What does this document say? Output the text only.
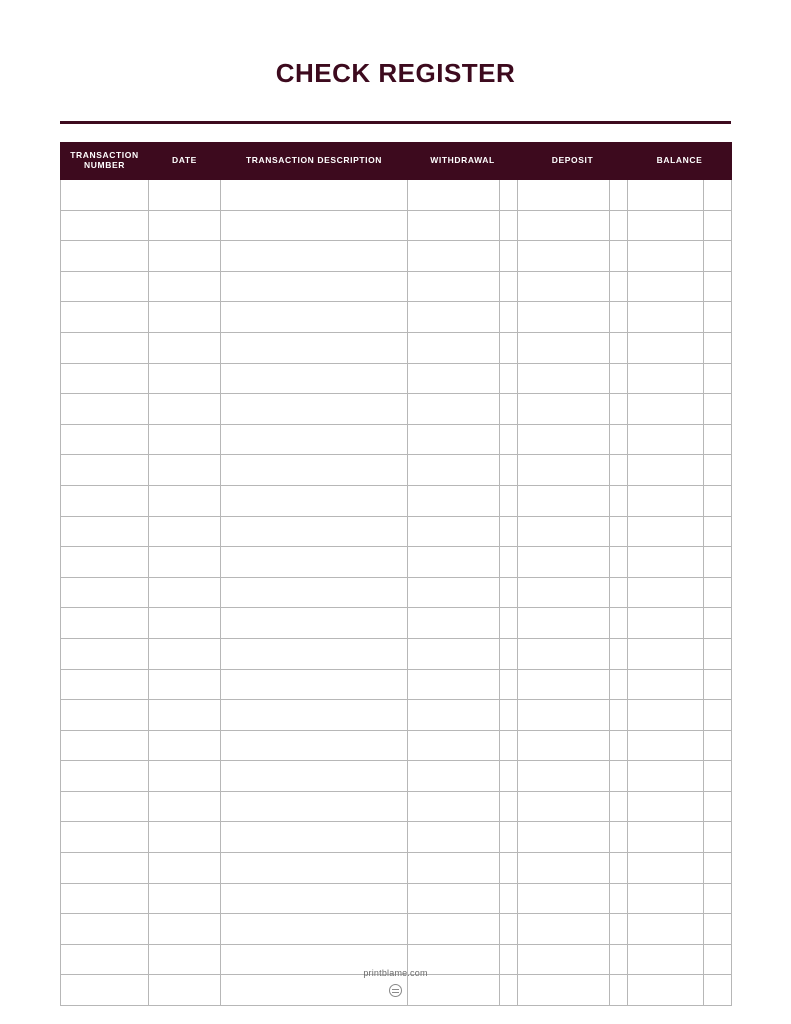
CHECK REGISTER
TRANSACTION NUMBER	DATE	TRANSACTION DESCRIPTION	WITHDRAWAL		DEPOSIT		BALANCE	

printblame.com
